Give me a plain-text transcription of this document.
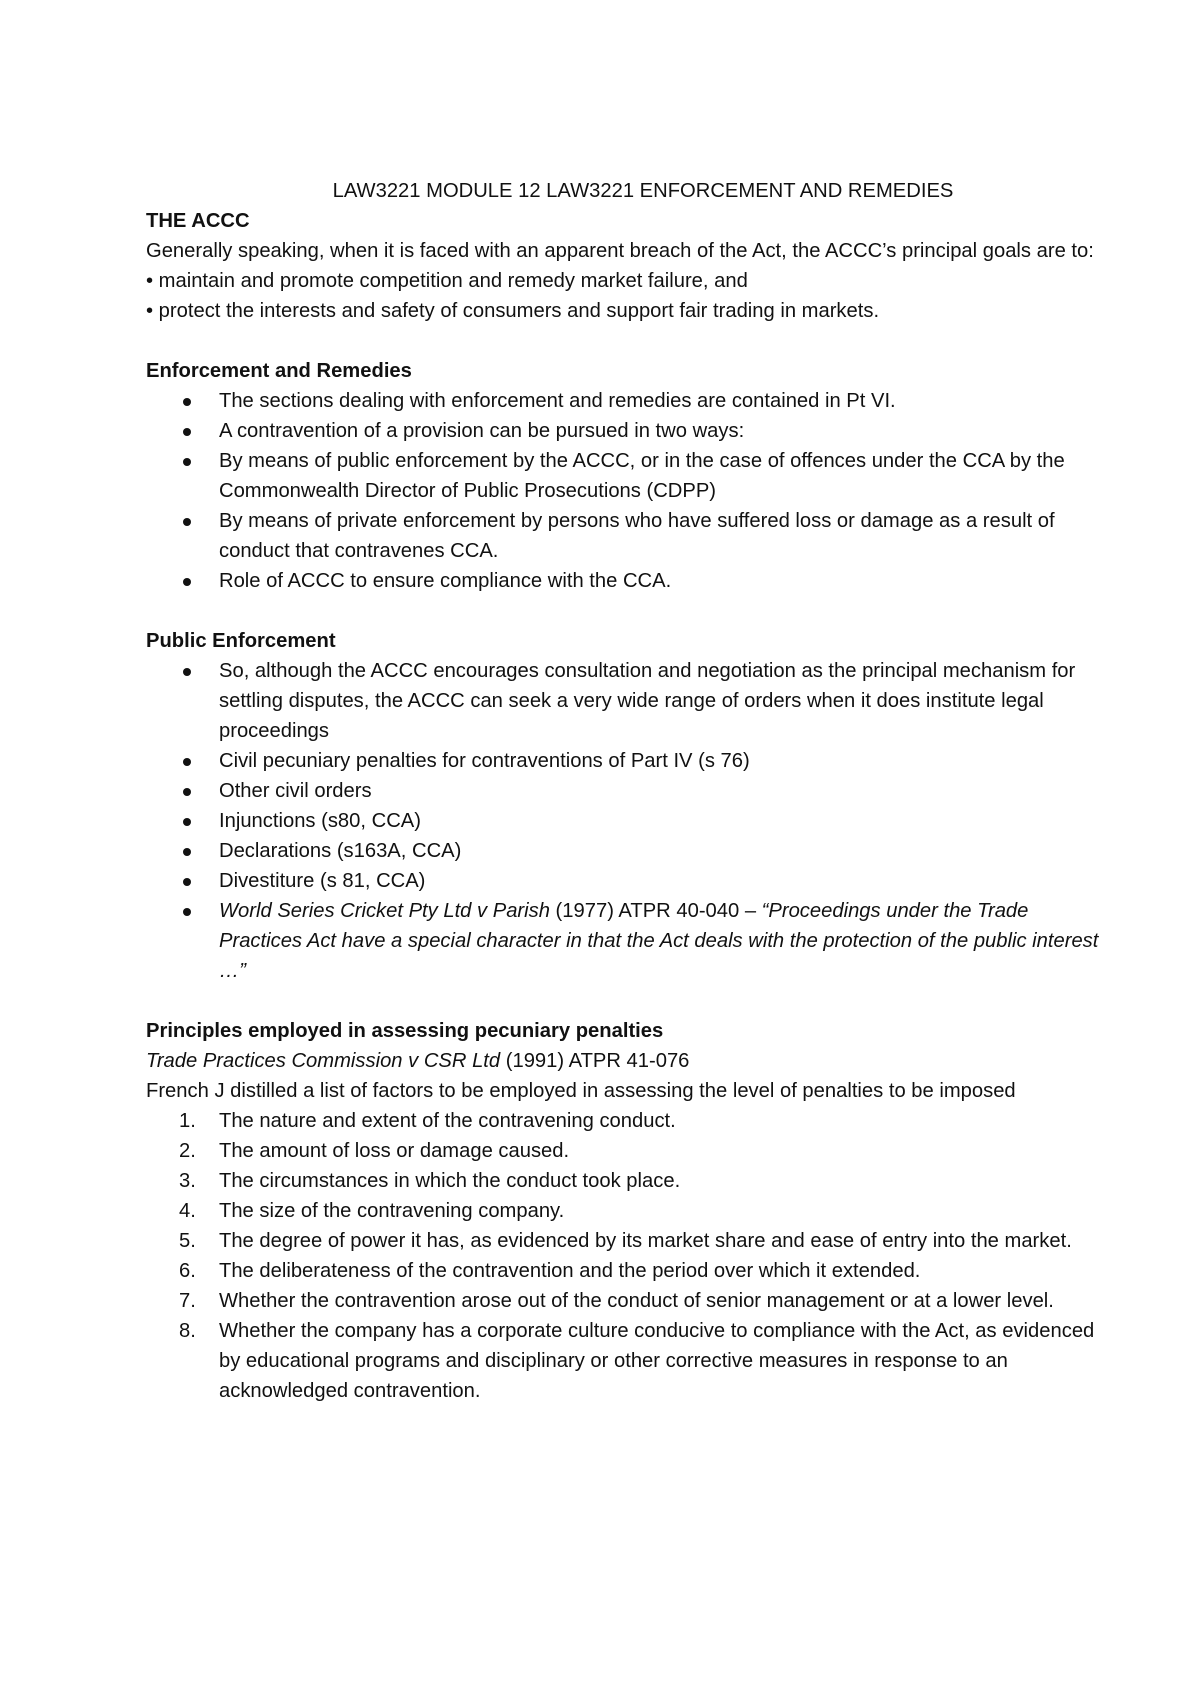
LAW3221 MODULE 12 LAW3221 ENFORCEMENT AND REMEDIES
THE ACCC
Generally speaking, when it is faced with an apparent breach of the Act, the ACCC’s principal goals are to:
• maintain and promote competition and remedy market failure, and
• protect the interests and safety of consumers and support fair trading in markets.
Enforcement and Remedies
The sections dealing with enforcement and remedies are contained in Pt VI.
A contravention of a provision can be pursued in two ways:
By means of public enforcement by the ACCC, or in the case of offences under the CCA by the Commonwealth Director of Public Prosecutions (CDPP)
By means of private enforcement by persons who have suffered loss or damage as a result of conduct that contravenes CCA.
Role of ACCC to ensure compliance with the CCA.
Public Enforcement
So, although the ACCC encourages consultation and negotiation as the principal mechanism for settling disputes, the ACCC can seek a very wide range of orders when it does institute legal proceedings
Civil pecuniary penalties for contraventions of Part IV (s 76)
Other civil orders
Injunctions (s80, CCA)
Declarations (s163A, CCA)
Divestiture (s 81, CCA)
World Series Cricket Pty Ltd v Parish (1977) ATPR 40-040 – “Proceedings under the Trade Practices Act have a special character in that the Act deals with the protection of the public interest …”
Principles employed in assessing pecuniary penalties
Trade Practices Commission v CSR Ltd (1991) ATPR 41-076
French J distilled a list of factors to be employed in assessing the level of penalties to be imposed
1. The nature and extent of the contravening conduct.
2. The amount of loss or damage caused.
3. The circumstances in which the conduct took place.
4. The size of the contravening company.
5. The degree of power it has, as evidenced by its market share and ease of entry into the market.
6. The deliberateness of the contravention and the period over which it extended.
7. Whether the contravention arose out of the conduct of senior management or at a lower level.
8. Whether the company has a corporate culture conducive to compliance with the Act, as evidenced by educational programs and disciplinary or other corrective measures in response to an acknowledged contravention.
